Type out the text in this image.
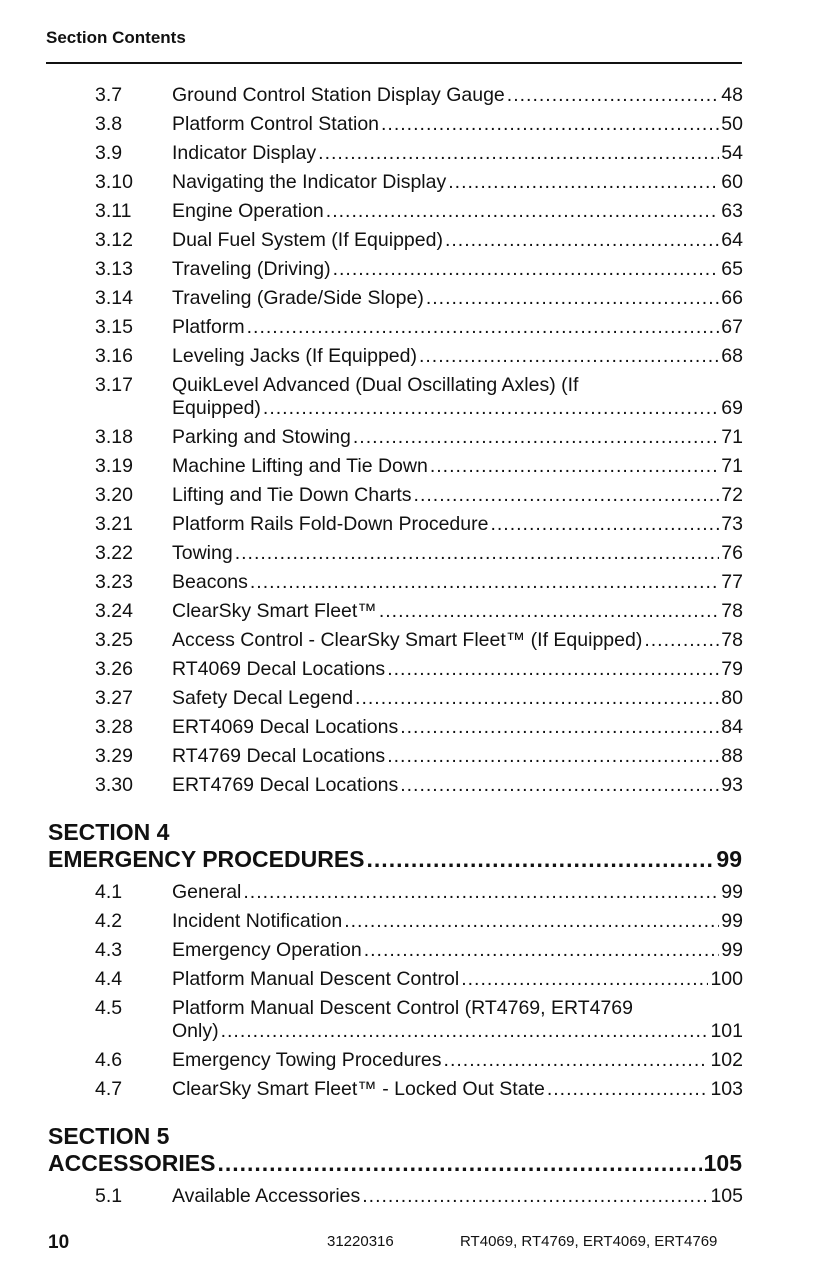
Section Contents
3.7	Ground Control Station Display Gauge .....	48
3.8	Platform Control Station .....	50
3.9	Indicator Display .....	54
3.10	Navigating the Indicator Display .....	60
3.11	Engine Operation .....	63
3.12	Dual Fuel System (If Equipped) .....	64
3.13	Traveling (Driving) .....	65
3.14	Traveling (Grade/Side Slope) .....	66
3.15	Platform .....	67
3.16	Leveling Jacks (If Equipped) .....	68
3.17	QuikLevel Advanced (Dual Oscillating Axles) (If
Equipped) .....	69
3.18	Parking and Stowing .....	71
3.19	Machine Lifting and Tie Down .....	71
3.20	Lifting and Tie Down Charts .....	72
3.21	Platform Rails Fold-Down Procedure .....	73
3.22	Towing .....	76
3.23	Beacons .....	77
3.24	ClearSky Smart Fleet™ .....	78
3.25	Access Control - ClearSky Smart Fleet™ (If Equipped) .....	78
3.26	RT4069 Decal Locations .....	79
3.27	Safety Decal Legend .....	80
3.28	ERT4069 Decal Locations .....	84
3.29	RT4769 Decal Locations .....	88
3.30	ERT4769 Decal Locations .....	93
SECTION 4
EMERGENCY PROCEDURES .....	99
4.1	General .....	99
4.2	Incident Notification .....	99
4.3	Emergency Operation .....	99
4.4	Platform Manual Descent Control .....	100
4.5	Platform Manual Descent Control (RT4769, ERT4769
Only) .....	101
4.6	Emergency Towing Procedures .....	102
4.7	ClearSky Smart Fleet™ - Locked Out State .....	103
SECTION 5
ACCESSORIES .....	105
5.1	Available Accessories .....	105
10	31220316	RT4069, RT4769, ERT4069, ERT4769
